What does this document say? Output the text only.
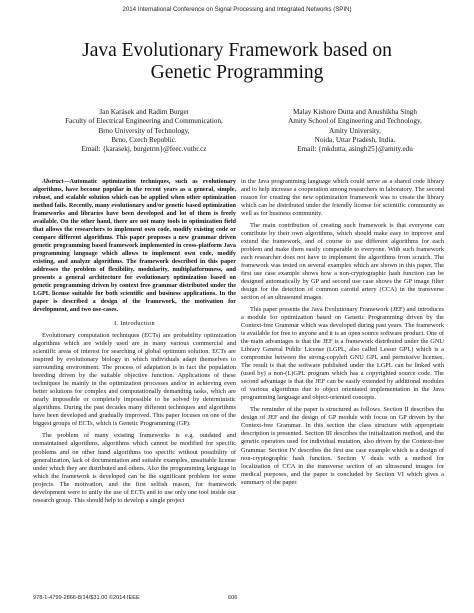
2014 International Conference on Signal Processing and Integrated Networks (SPIN)
Java Evolutionary Framework based on
Genetic Programming
Jan Karásek and Radim Burget
Faculty of Electrical Engineering and Communication,
Brno University of Technology,
Brno, Czech Republic.
Email: {karasekj, burgetrm}@feec.vutbr.cz
Malay Kishore Dutta and Anushikha Singh
Amity School of Engineering and Technology,
Amity University,
Noida, Uttar Pradesh, India.
Email: {mkdutta, asingh25}@amity.edu

Abstract—Automatic optimization techniques, such as evolutionary algorithms, have become popular in the recent years as a general, simple, robust, and scalable solution which can be applied when other optimization method fails. Recently, many evolutionary and/or genetic based optimization frameworks and libraries have been developed and lot of them is freely available. On the other hand, there are not many tools in optimization field that allows the researchers to implement own code, modify existing code or compare different algorithms. This paper proposes a new grammar driven genetic programming based framework implemented in cross-platform Java programming language which allows to implement own code, modify existing, and analyze algorithms. The framework described in this paper addresses the problem of flexibility, modularity, multiplatformness, and presents a general architecture for evolutionary optimization based on genetic programming driven by context free grammar distributed under the LGPL license suitable for both scientific and business applications. In the paper is described a design of the framework, the motivation for development, and two use-cases.

I. Introduction

Evolutionary computation techniques (ECTs) are probability optimization algorithms which are widely used are in many various commercial and scientific areas of interest for searching of global optimum solution. ECTs are inspired by evolutionary biology in which individuals adapt themselves to surrounding environment. The process of adaptation is in fact the population breeding driven by the suitable objective function. Applications of these techniques lie mainly in the optimization processes and/or in achieving even better solutions for complex and computationally demanding tasks, which are nearly impossible or completely impossible to be solved by deterministic algorithms. During the past decades many different techniques and algorithms have been developed and gradually improved. This paper focuses on one of the biggest groups of ECTs, which is Genetic Programming (GP).

The problem of many existing frameworks is e.g. outdated and unmaintained algorithms, algorithms which cannot be modified for specific problems and on other hand algorithms too specific without possibility of generalization, lack of documentation and suitable examples, unsuitable license under which they are distributed and others. Also the programming language in which the framework is developed can be the significant problem for some projects. The motivation, and the first selfish reason, for framework development were to unify the use of ECTs and to use only one tool inside our research group. This should help to develop a single project

in the Java programming language which could serve as a shared code library and to help increase a cooperation among researchers in laboratory. The second reason for creating the new optimization framework was to create the library which can be distributed under the friendly license for scientific community as well as for business community.

The main contribution of creating such framework is that everyone can contribute by their own algorithms, which should make easy to improve and extend the framework, and of course to use different algorithms for each problem and make them easily comparable to everyone. With such framework each researcher does not have to implement the algorithms from scratch. The framework was tested on several examples which are shown in this paper. The first use case example shows how a non-cryptographic hash function can be designed automatically by GP and second use case shows the GP image filter design for the detection of common carotid artery (CCA) in the transverse section of an ultrasound images.

This paper presents the Java Evolutionary Framework (JEF) and introduces a module for optimization based on Genetic Programming driven by the Context-free Grammar which was developed during past years. The framework is available for free to anyone and it is an open source software product. One of the main advantages is that the JEF is a framework distributed under the GNU Library General Public License (LGPL, also called Lesser GPL) which is a compromise between the strong-copyleft GNU GPL and permissive licenses. The result is that the software published under the LGPL can be linked with (used by) a non-(L)GPL program which has a copyrighted source code. The second advantage is that the JEF can be easily extended by additional modules of various algorithms due to object orientated implementation in the Java programming language and object-oriented concepts.

The reminder of the paper is structured as follows. Section II describes the design of JEF and the design of GP module with focus on GP driven by the Context-free Grammar. In this section the class structure with appropriate description is presented. Section III describes the initialization method, and the genetic operators used for individual mutation, also driven by the Context-free Grammar. Section IV describes the first use case example which is a design of non-cryptographic hash function. Section V deals with a method for localization of CCA in the transverse section of an ultrasound images for medical purposes, and the paper is concluded by Section VI which gives a summary of the paper.

978-1-4799-2866-8/14/$31.00 ©2014 IEEE	606
